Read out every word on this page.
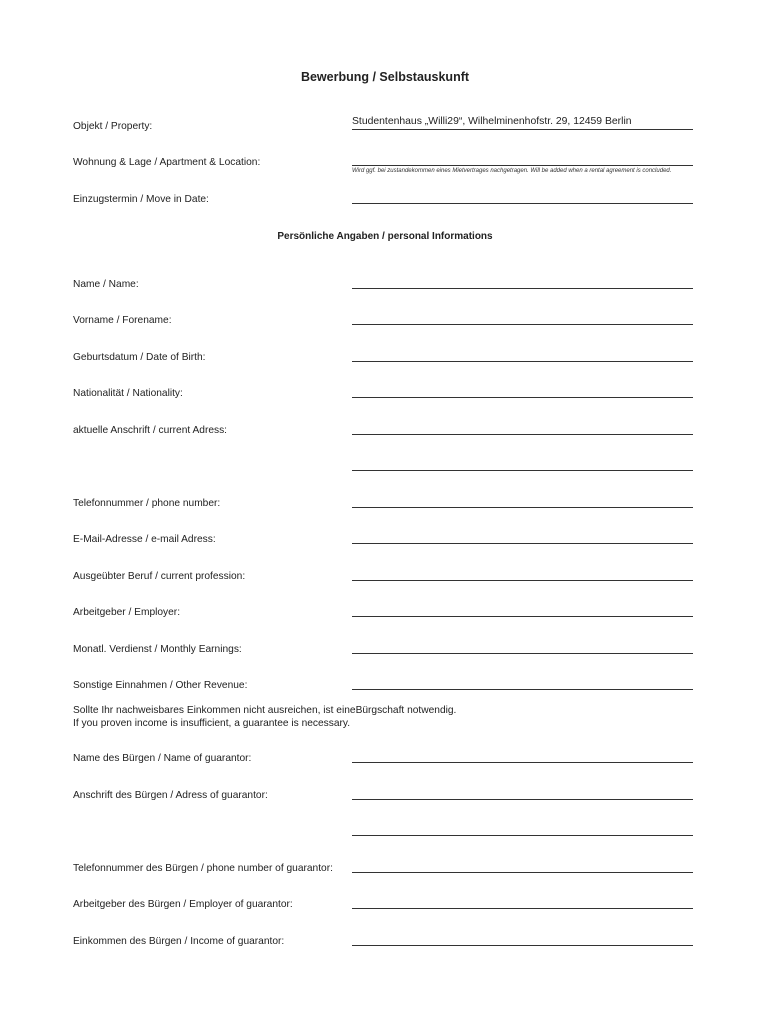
Bewerbung / Selbstauskunft
Objekt / Property:	Studentenhaus „Willi29“, Wilhelminenhofstr. 29, 12459 Berlin
Wohnung & Lage / Apartment & Location:
Wird ggf. bei zustandekommen eines Mietvertrages nachgetragen. Will be added when a rental agreement is concluded.
Einzugstermin / Move in Date:
Persönliche Angaben / personal Informations
Name / Name:
Vorname / Forename:
Geburtsdatum / Date of Birth:
Nationalität / Nationality:
aktuelle Anschrift / current Adress:
Telefonnummer / phone number:
E-Mail-Adresse / e-mail Adress:
Ausgeübter Beruf / current profession:
Arbeitgeber / Employer:
Monatl. Verdienst / Monthly Earnings:
Sonstige Einnahmen / Other Revenue:
Sollte Ihr nachweisbares Einkommen nicht ausreichen, ist eineBürgschaft notwendig.
If you proven income is insufficient, a guarantee is necessary.
Name des Bürgen / Name of guarantor:
Anschrift des Bürgen / Adress of guarantor:
Telefonnummer des Bürgen / phone number of guarantor:
Arbeitgeber des Bürgen / Employer of guarantor:
Einkommen des Bürgen / Income of guarantor:
